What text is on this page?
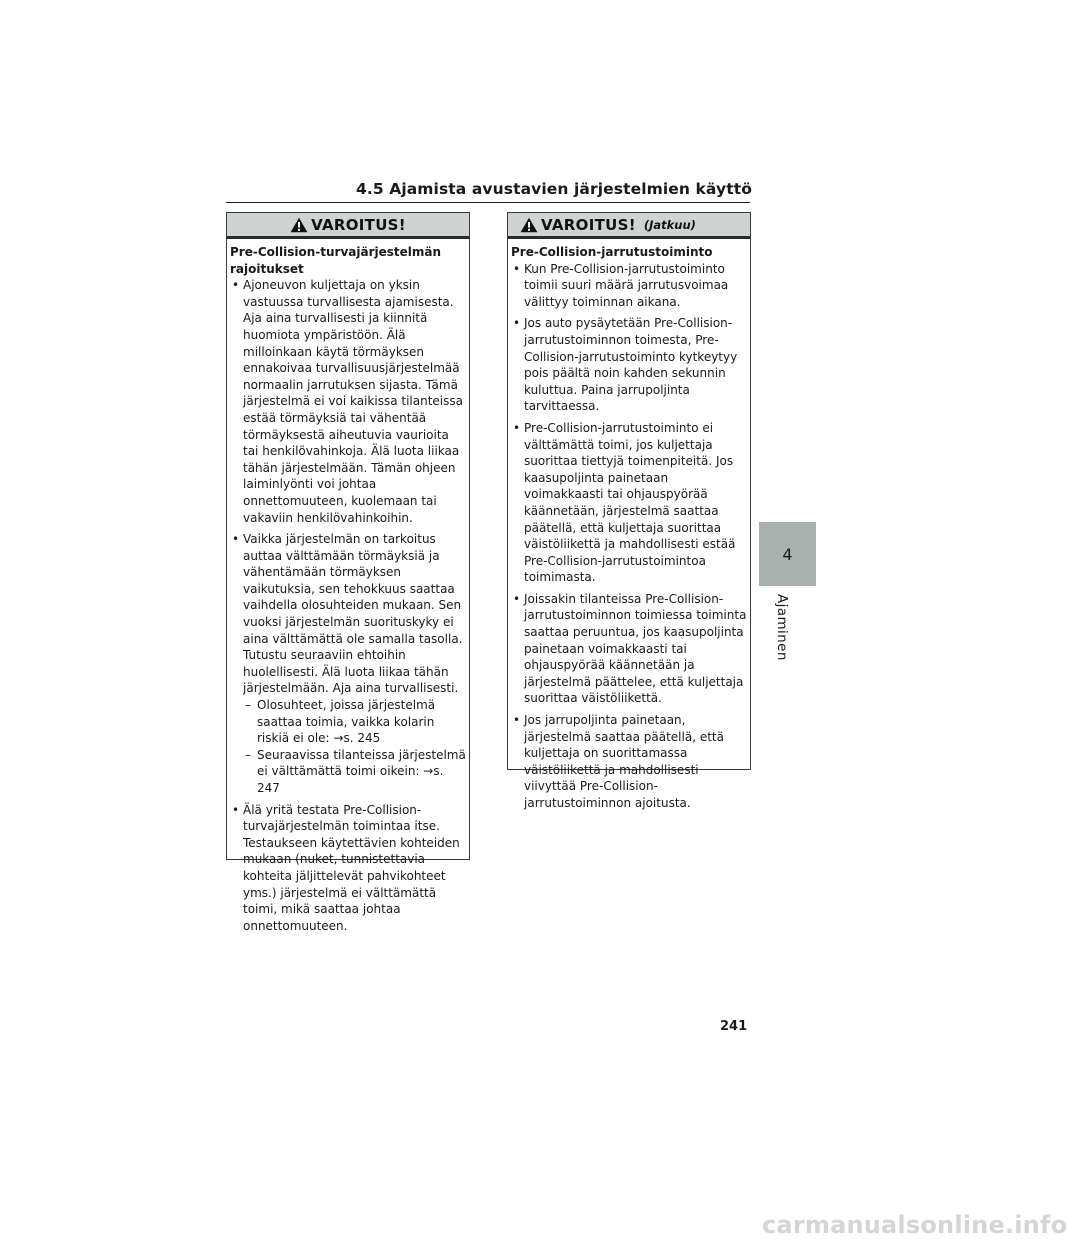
4.5 Ajamista avustavien järjestelmien käyttö
VAROITUS!

Pre-Collision-turvajärjestelmän rajoitukset

• Ajoneuvon kuljettaja on yksin vastuussa turvallisesta ajamisesta. Aja aina turvallisesti ja kiinnitä huomiota ympäristöön. Älä milloinkaan käytä törmäyksen ennakoivaa turvallisuusjärjestelmää normaalin jarrutuksen sijasta. Tämä järjestelmä ei voi kaikissa tilanteissa estää törmäyksiä tai vähentää törmäyksestä aiheutuvia vaurioita tai henkilövahinkoja. Älä luota liikaa tähän järjestelmään. Tämän ohjeen laiminlyönti voi johtaa onnettomuuteen, kuolemaan tai vakaviin henkilövahinkoihin.
• Vaikka järjestelmän on tarkoitus auttaa välttämään törmäyksiä ja vähentämään törmäyksen vaikutuksia, sen tehokkuus saattaa vaihdella olosuhteiden mukaan. Sen vuoksi järjestelmän suorituskyky ei aina välttämättä ole samalla tasolla. Tutustu seuraaviin ehtoihin huolellisesti. Älä luota liikaa tähän järjestelmään. Aja aina turvallisesti.
– Olosuhteet, joissa järjestelmä saattaa toimia, vaikka kolarin riskiä ei ole: →s. 245
– Seuraavissa tilanteissa järjestelmä ei välttämättä toimi oikein: →s. 247
• Älä yritä testata Pre-Collision-turvajärjestelmän toimintaa itse. Testaukseen käytettävien kohteiden mukaan (nuket, tunnistettavia kohteita jäljittelevät pahvikohteet yms.) järjestelmä ei välttämättä toimi, mikä saattaa johtaa onnettomuuteen.
VAROITUS! (Jatkuu)

Pre-Collision-jarrutustoiminto

• Kun Pre-Collision-jarrutustoiminto toimii suuri määrä jarrutusvoimaa välittyy toiminnan aikana.
• Jos auto pysäytetään Pre-Collision-jarrutustoiminnon toimesta, Pre-Collision-jarrutustoiminto kytkeytyy pois päältä noin kahden sekunnin kuluttua. Paina jarrupoljinta tarvittaessa.
• Pre-Collision-jarrutustoiminto ei välttämättä toimi, jos kuljettaja suorittaa tiettyjä toimenpiteitä. Jos kaasupoljinta painetaan voimakkaasti tai ohjauspyörää käännetään, järjestelmä saattaa päätellä, että kuljettaja suorittaa väistöliikettä ja mahdollisesti estää Pre-Collision-jarrutustoimintoa toimimasta.
• Joissakin tilanteissa Pre-Collision-jarrutustoiminnon toimiessa toiminta saattaa peruuntua, jos kaasupoljinta painetaan voimakkaasti tai ohjauspyörää käännetään ja järjestelmä päättelee, että kuljettaja suorittaa väistöliikettä.
• Jos jarrupoljinta painetaan, järjestelmä saattaa päätellä, että kuljettaja on suorittamassa väistöliikettä ja mahdollisesti viivyttää Pre-Collision-jarrutustoiminnon ajoitusta.
4
Ajaminen
241
carmanualsonline.info
